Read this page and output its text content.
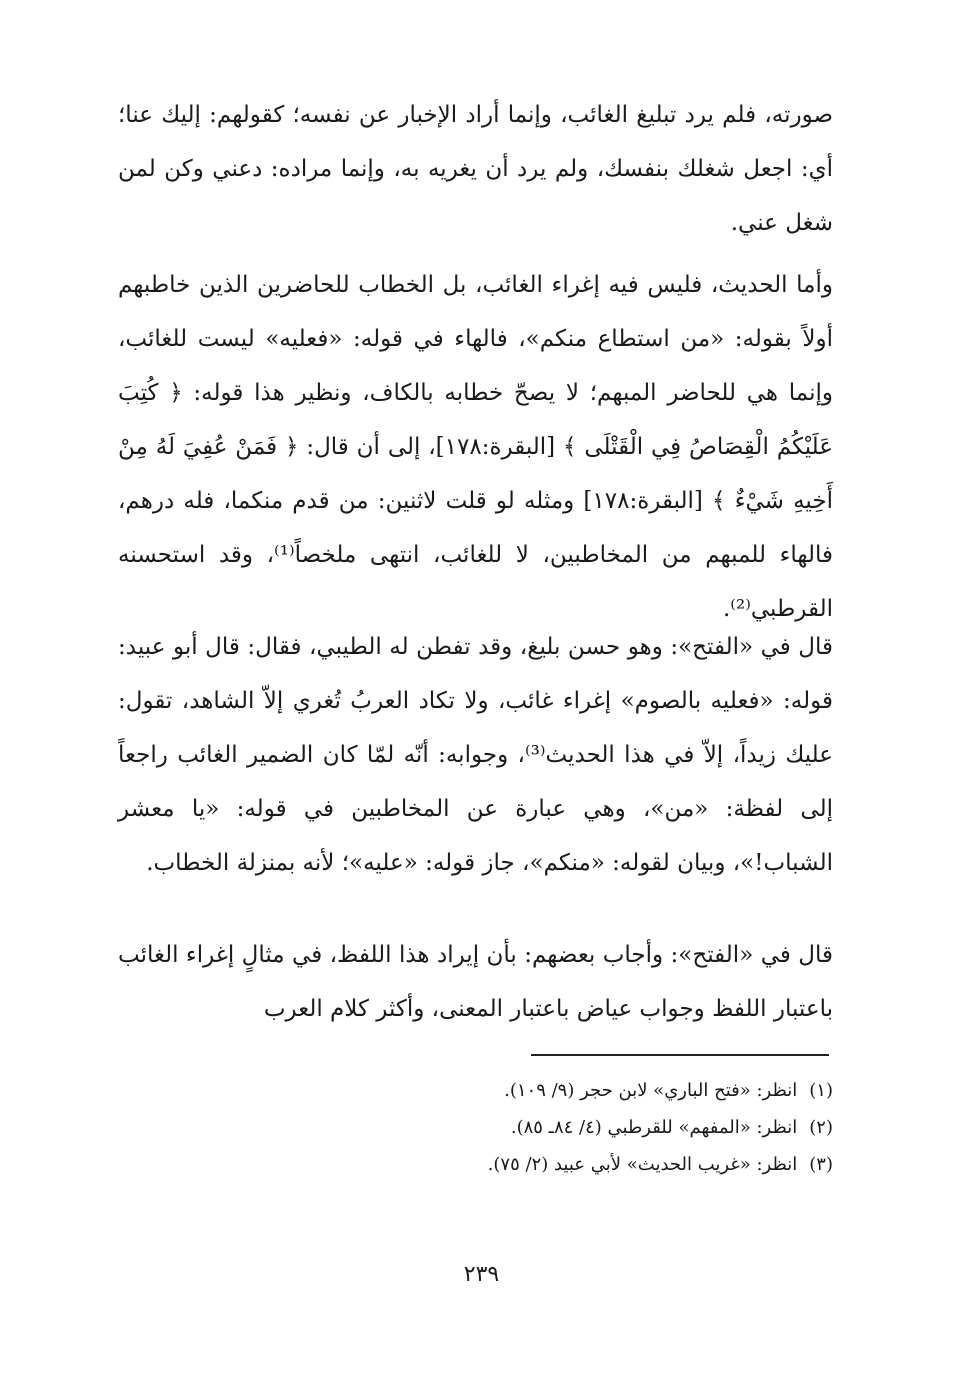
صورته، فلم يرد تبليغ الغائب، وإنما أراد الإخبار عن نفسه؛ كقولهم: إليك عنا؛ أي: اجعل شغلك بنفسك، ولم يرد أن يغريه به، وإنما مراده: دعني وكن لمن شغل عني.

وأما الحديث، فليس فيه إغراء الغائب، بل الخطاب للحاضرين الذين خاطبهم أولاً بقوله: «من استطاع منكم»، فالهاء في قوله: «فعليه» ليست للغائب، وإنما هي للحاضر المبهم؛ لا يصحّ خطابه بالكاف، ونظير هذا قوله: ﴿ كُتِبَ عَلَيْكُمُ الْقِصَاصُ فِي الْقَتْلَى ﴾ [البقرة:١٧٨]، إلى أن قال: ﴿ فَمَنْ عُفِيَ لَهُ مِنْ أَخِيهِ شَيْءٌ ﴾ [البقرة:١٧٨] ومثله لو قلت لاثنين: من قدم منكما، فله درهم، فالهاء للمبهم من المخاطبين، لا للغائب، انتهى ملخصاً⁽¹⁾، وقد استحسنه القرطبي⁽²⁾.

قال في «الفتح»: وهو حسن بليغ، وقد تفطن له الطيبي، فقال: قال أبو عبيد: قوله: «فعليه بالصوم» إغراء غائب، ولا تكاد العربُ تُغري إلاّ الشاهد، تقول: عليك زيداً، إلاّ في هذا الحديث⁽³⁾، وجوابه: أنّه لمّا كان الضمير الغائب راجعاً إلى لفظة: «من»، وهي عبارة عن المخاطبين في قوله: «يا معشر الشباب!»، وبيان لقوله: «منكم»، جاز قوله: «عليه»؛ لأنه بمنزلة الخطاب.

قال في «الفتح»: وأجاب بعضهم: بأن إيراد هذا اللفظ، في مثالٍ إغراء الغائب باعتبار اللفظ وجواب عياض باعتبار المعنى، وأكثر كلام العرب

(١)انظر: «فتح الباري» لابن حجر (٩/ ١٠٩).
(٢)انظر: «المفهم» للقرطبي (٤/ ٨٤ـ ٨٥).
(٣)انظر: «غريب الحديث» لأبي عبيد (٢/ ٧٥).
٢٣٩
